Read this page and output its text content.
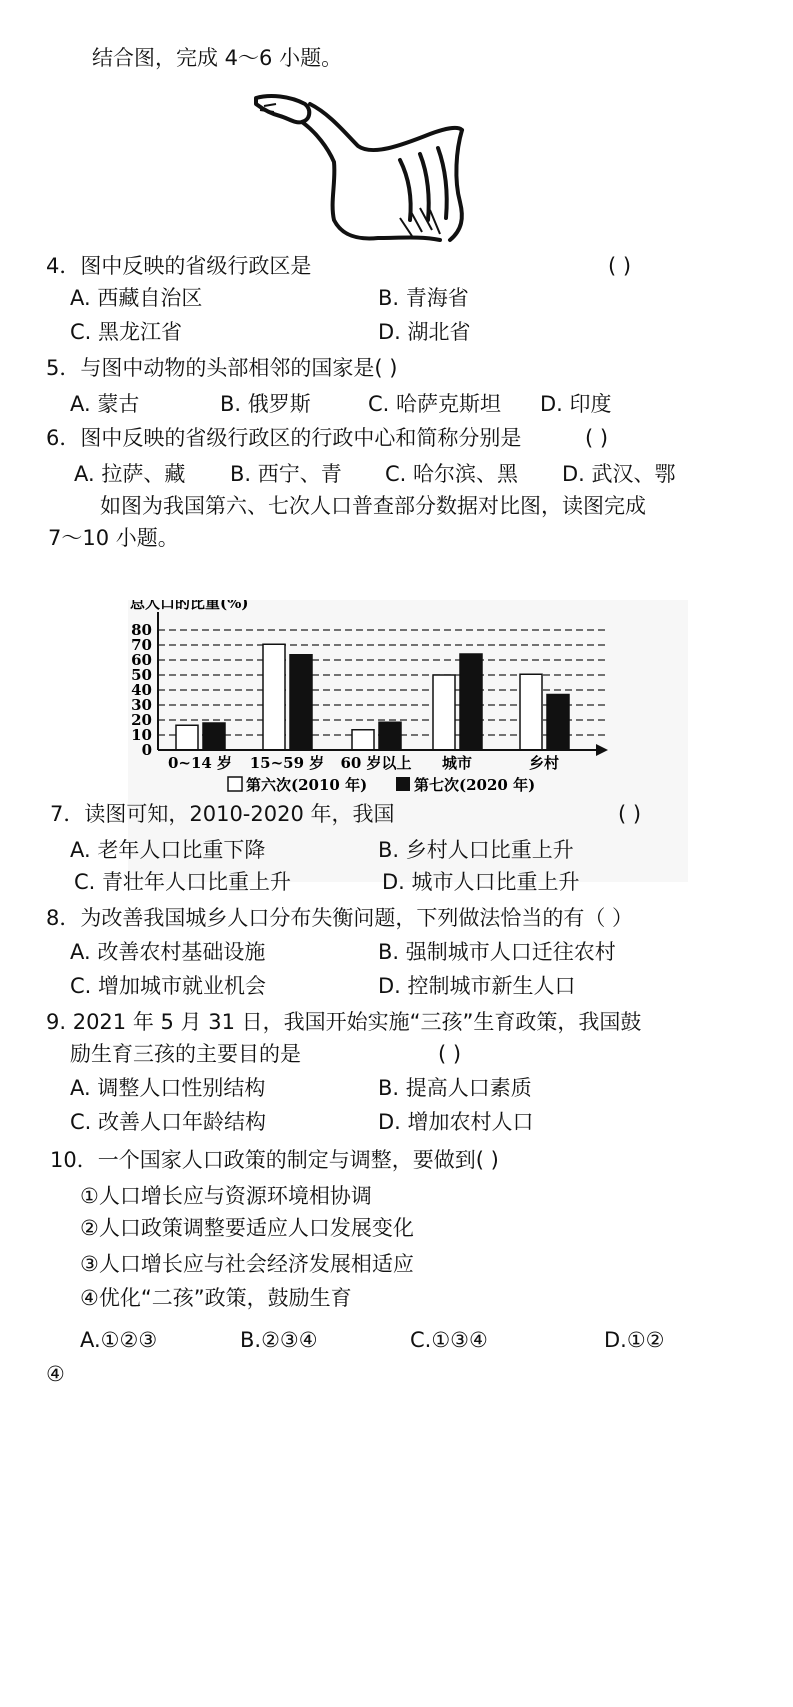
结合图，完成 4～6 小题。
4．图中反映的省级行政区是	( )
A. 西藏自治区	B. 青海省
C. 黑龙江省	D. 湖北省
5．与图中动物的头部相邻的国家是( )
A. 蒙古	B. 俄罗斯	C. 哈萨克斯坦 D. 印度
6．图中反映的省级行政区的行政中心和简称分别是	( )
A. 拉萨、藏 B. 西宁、青 C. 哈尔滨、黑 D. 武汉、鄂
如图为我国第六、七次人口普查部分数据对比图，读图完成
7～10 小题。
总人口的比重(%)
0
10
20
30
40
50
60
70
80
0~14 岁 15~59 岁 60 岁以上 城市	乡村
第六次(2010 年)	第七次(2020 年)
7．读图可知，2010-2020 年，我国	( )
A. 老年人口比重下降	B. 乡村人口比重上升
C. 青壮年人口比重上升	D. 城市人口比重上升
8．为改善我国城乡人口分布失衡问题，下列做法恰当的有（ ）
A. 改善农村基础设施	B. 强制城市人口迁往农村
C. 增加城市就业机会	D. 控制城市新生人口
9. 2021 年 5 月 31 日，我国开始实施“三孩”生育政策，我国鼓
励生育三孩的主要目的是	( )
A. 调整人口性别结构	B. 提高人口素质
C. 改善人口年龄结构	D. 增加农村人口
10．一个国家人口政策的制定与调整，要做到( )
①人口增长应与资源环境相协调
②人口政策调整要适应人口发展变化
③人口增长应与社会经济发展相适应
④优化“二孩”政策，鼓励生育
A.①②③	B.②③④	C.①③④	D.①②
④
